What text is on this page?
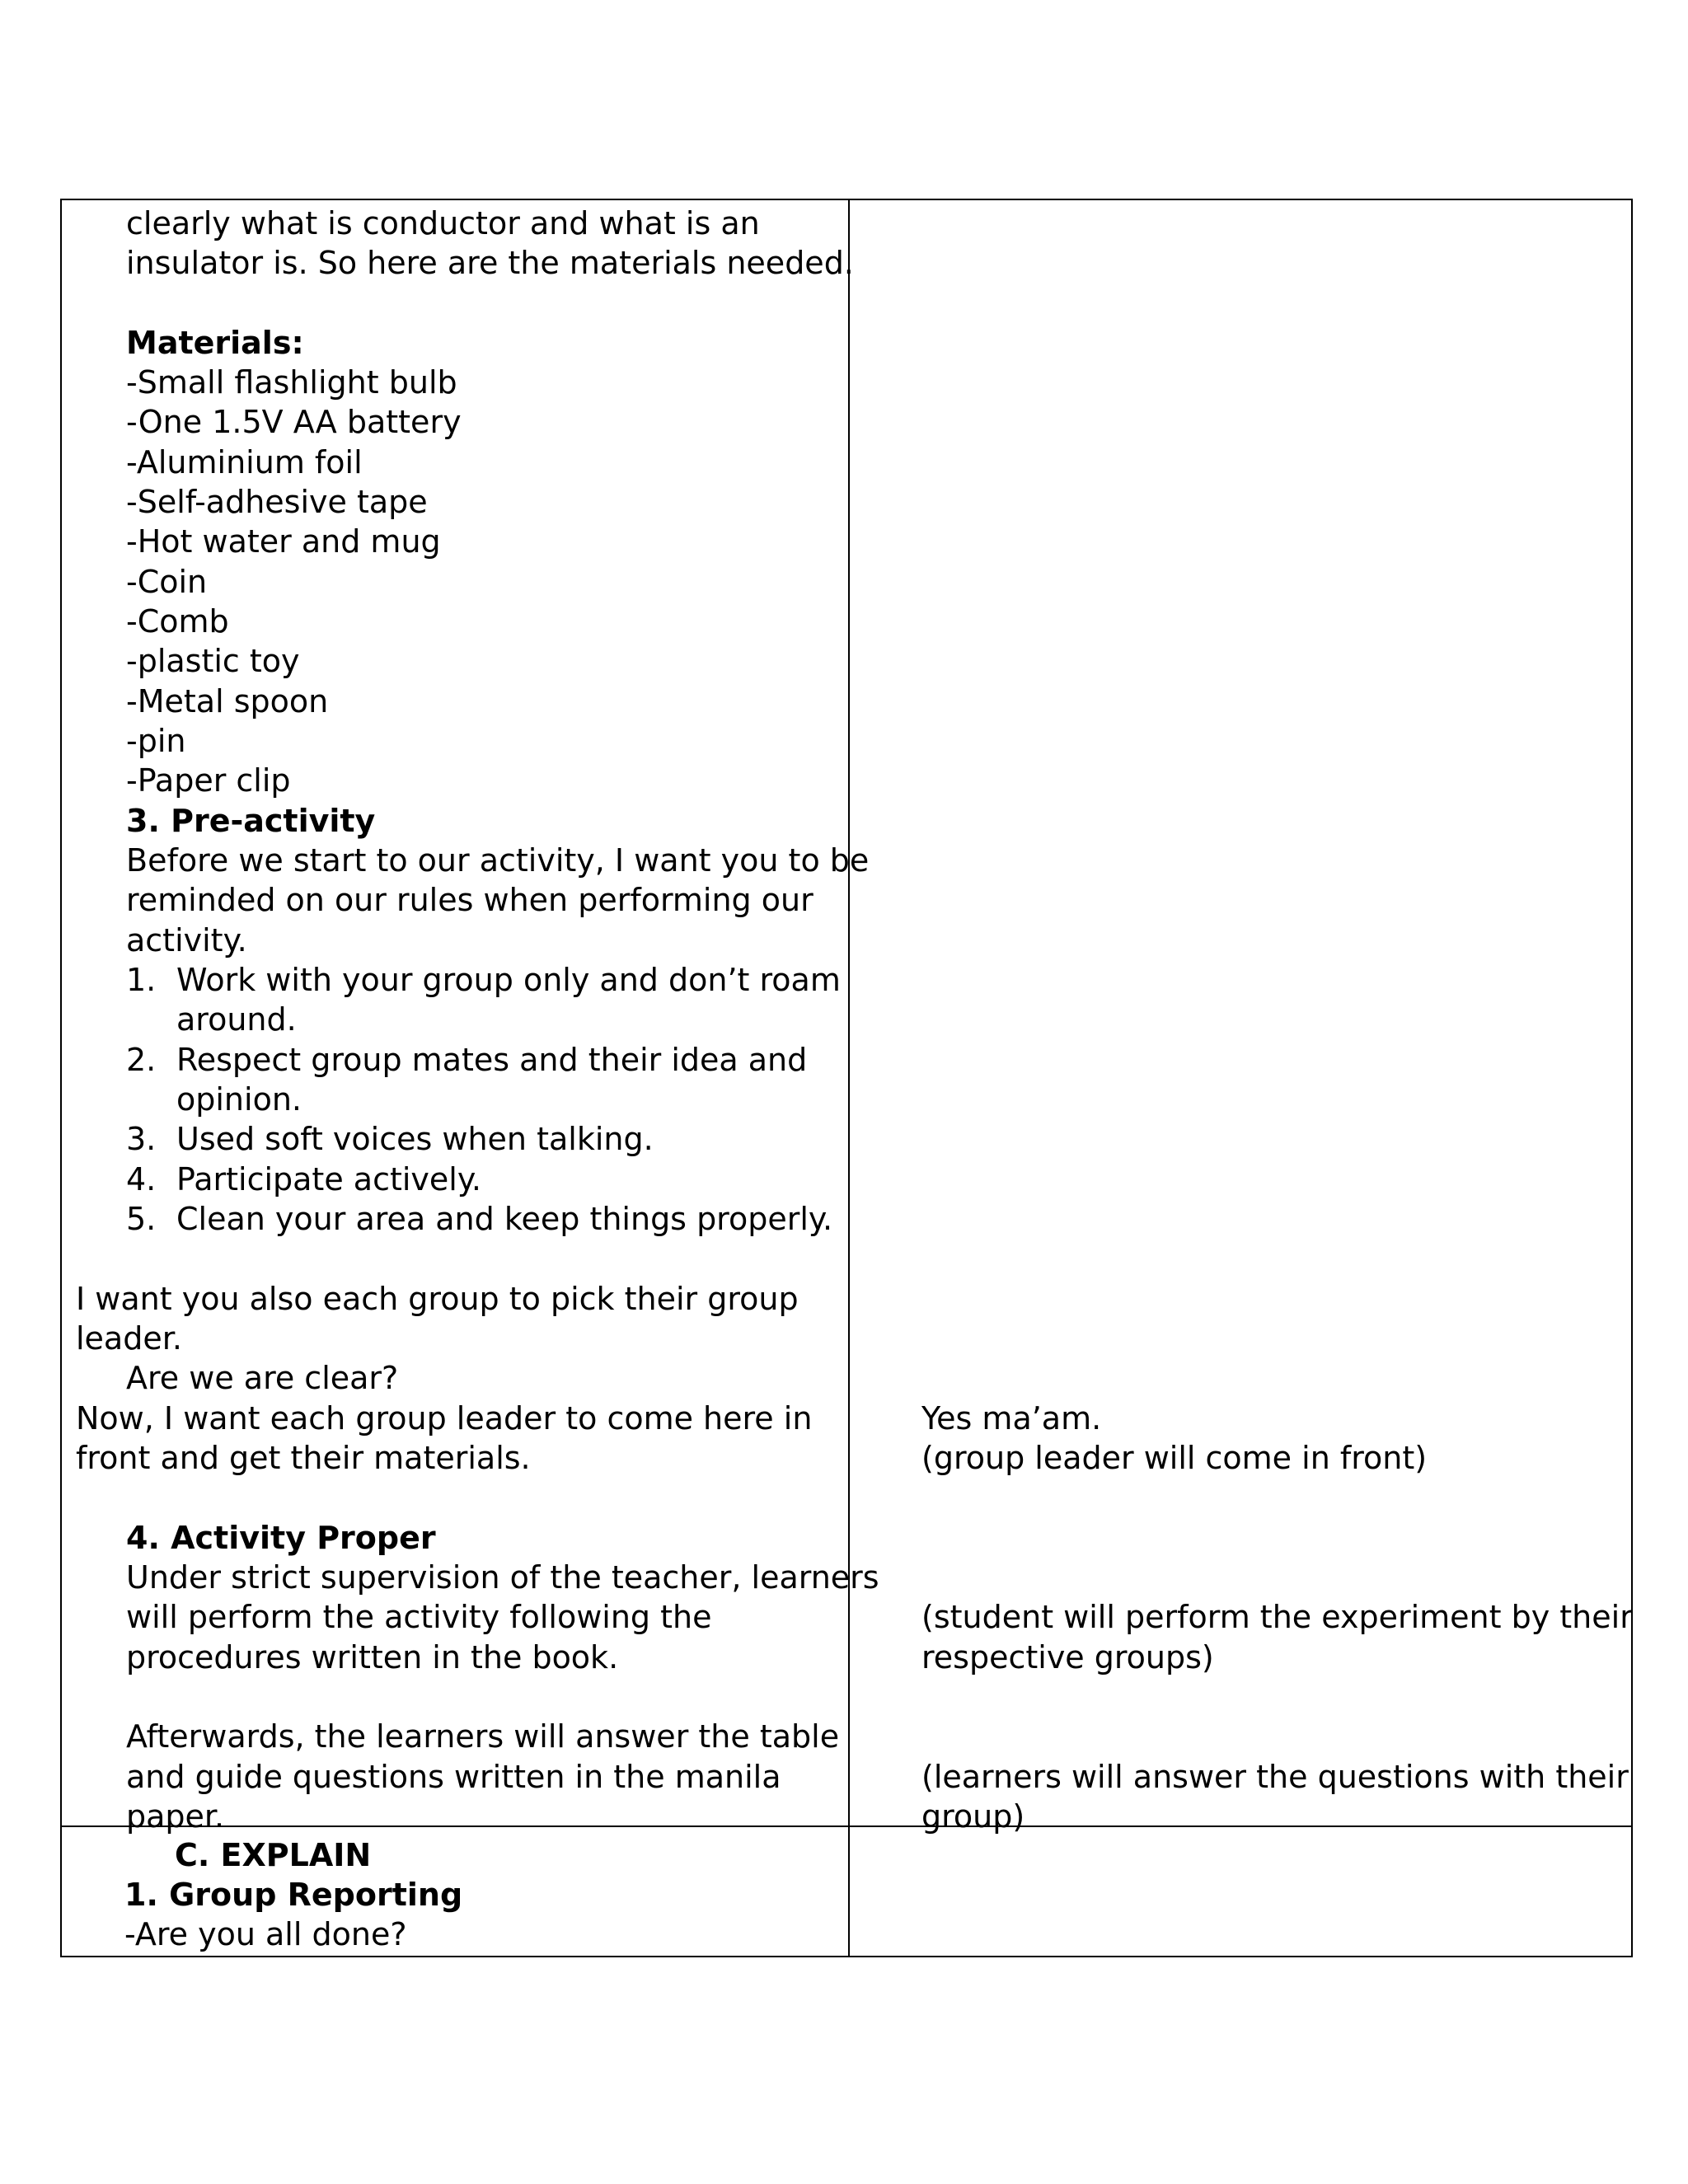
clearly what is conductor and what is an
insulator is. So here are the materials needed.
Materials:
-Small flashlight bulb
-One 1.5V AA battery
-Aluminium foil
-Self-adhesive tape
-Hot water and mug
-Coin
-Comb
-plastic toy
-Metal spoon
-pin
-Paper clip
3. Pre-activity
Before we start to our activity, I want you to be
reminded on our rules when performing our
activity.
1. Work with your group only and don’t roam
around.
2. Respect group mates and their idea and
opinion.
3. Used soft voices when talking.
4. Participate actively.
5. Clean your area and keep things properly.
I want you also each group to pick their group
leader.
Are we are clear?
Now, I want each group leader to come here in
front and get their materials.
4. Activity Proper
Under strict supervision of the teacher, learners
will perform the activity following the
procedures written in the book.
Afterwards, the learners will answer the table
and guide questions written in the manila
paper.
Yes ma’am.
(group leader will come in front)
(student will perform the experiment by their
respective groups)
(learners will answer the questions with their
group)
C. EXPLAIN
1. Group Reporting
-Are you all done?
